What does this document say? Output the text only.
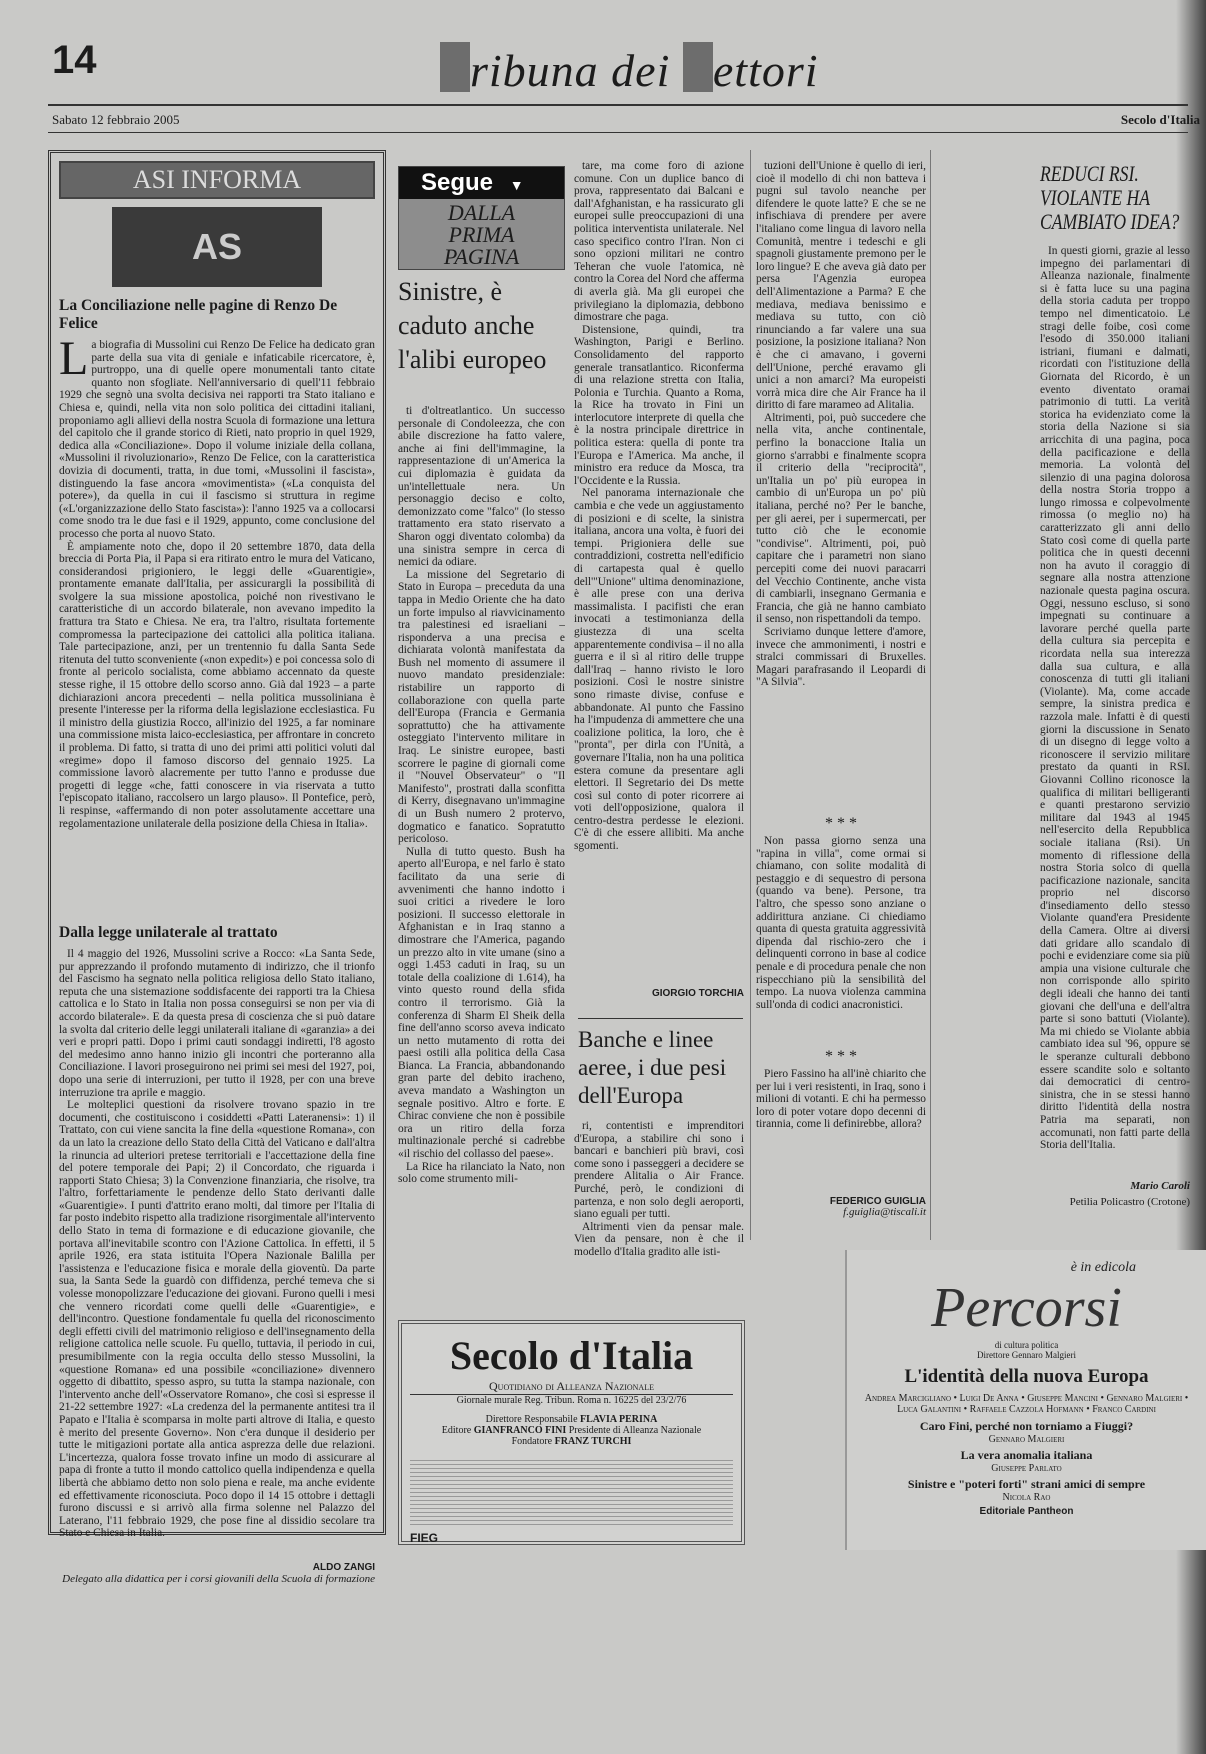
14	ribuna dei ettori
Sabato 12 febbraio 2005	Secolo d'Italia
ASI INFORMA
AS
La Conciliazione nelle pagine di Renzo De Felice

La biografia di Mussolini cui Renzo De Felice ha dedicato gran parte della sua vita di geniale e infaticabile ricercatore, è, purtroppo, una di quelle opere monumentali tanto citate quanto non sfogliate. Nell'anniversario di quell'11 febbraio 1929 che segnò una svolta decisiva nei rapporti tra Stato italiano e Chiesa e, quindi, nella vita non solo politica dei cittadini italiani, proponiamo agli allievi della nostra Scuola di formazione una lettura del capitolo che il grande storico di Rieti, nato proprio in quel 1929, dedica alla «Conciliazione». Dopo il volume iniziale della collana, «Mussolini il rivoluzionario», Renzo De Felice, con la caratteristica dovizia di documenti, tratta, in due tomi, «Mussolini il fascista», distinguendo la fase ancora «movimentista» («La conquista del potere»), da quella in cui il fascismo si struttura in regime («L'organizzazione dello Stato fascista»): l'anno 1925 va a collocarsi come snodo tra le due fasi e il 1929, appunto, come conclusione del processo che porta al nuovo Stato.

È ampiamente noto che, dopo il 20 settembre 1870, data della breccia di Porta Pia, il Papa si era ritirato entro le mura del Vaticano, considerandosi prigioniero, le leggi delle «Guarentigie», prontamente emanate dall'Italia, per assicurargli la possibilità di svolgere la sua missione apostolica, poiché non rivestivano le caratteristiche di un accordo bilaterale, non avevano impedito la frattura tra Stato e Chiesa. Ne era, tra l'altro, risultata fortemente compromessa la partecipazione dei cattolici alla politica italiana. Tale partecipazione, anzi, per un trentennio fu dalla Santa Sede ritenuta del tutto sconveniente («non expedit») e poi concessa solo di fronte al pericolo socialista, come abbiamo accennato da queste stesse righe, il 15 ottobre dello scorso anno. Già dal 1923 – a parte dichiarazioni ancora precedenti – nella politica mussoliniana è presente l'interesse per la riforma della legislazione ecclesiastica. Fu il ministro della giustizia Rocco, all'inizio del 1925, a far nominare una commissione mista laico-ecclesiastica, per affrontare in concreto il problema. Di fatto, si tratta di uno dei primi atti politici voluti dal «regime» dopo il famoso discorso del gennaio 1925. La commissione lavorò alacremente per tutto l'anno e produsse due progetti di legge «che, fatti conoscere in via riservata a tutto l'episcopato italiano, raccolsero un largo plauso». Il Pontefice, però, li respinse, «affermando di non poter assolutamente accettare una regolamentazione unilaterale della posizione della Chiesa in Italia».

Dalla legge unilaterale al trattato

Il 4 maggio del 1926, Mussolini scrive a Rocco: «La Santa Sede, pur apprezzando il profondo mutamento di indirizzo, che il trionfo del Fascismo ha segnato nella politica religiosa dello Stato italiano, reputa che una sistemazione soddisfacente dei rapporti tra la Chiesa cattolica e lo Stato in Italia non possa conseguirsi se non per via di accordo bilaterale». E da questa presa di coscienza che si può datare la svolta dal criterio delle leggi unilaterali italiane di «garanzia» a dei veri e propri patti. Dopo i primi cauti sondaggi indiretti, l'8 agosto del medesimo anno hanno inizio gli incontri che porteranno alla Conciliazione. I lavori proseguirono nei primi sei mesi del 1927, poi, dopo una serie di interruzioni, per tutto il 1928, per con una breve interruzione tra aprile e maggio.

Le molteplici questioni da risolvere trovano spazio in tre documenti, che costituiscono i cosiddetti «Patti Lateranensi»: 1) il Trattato, con cui viene sancita la fine della «questione Romana», con da un lato la creazione dello Stato della Città del Vaticano e dall'altra la rinuncia ad ulteriori pretese territoriali e l'accettazione della fine del potere temporale dei Papi; 2) il Concordato, che riguarda i rapporti Stato Chiesa; 3) la Convenzione finanziaria, che risolve, tra l'altro, forfettariamente le pendenze dello Stato derivanti dalle «Guarentigie». I punti d'attrito erano molti, dal timore per l'Italia di far posto indebito rispetto alla tradizione risorgimentale all'intervento dello Stato in tema di formazione e di educazione giovanile, che portava all'inevitabile scontro con l'Azione Cattolica. In effetti, il 5 aprile 1926, era stata istituita l'Opera Nazionale Balilla per l'assistenza e l'educazione fisica e morale della gioventù. Da parte sua, la Santa Sede la guardò con diffidenza, perché temeva che si volesse monopolizzare l'educazione dei giovani. Furono quelli i mesi che vennero ricordati come quelli delle «Guarentigie», e dell'incontro. Questione fondamentale fu quella del riconoscimento degli effetti civili del matrimonio religioso e dell'insegnamento della religione cattolica nelle scuole. Fu quello, tuttavia, il periodo in cui, presumibilmente con la regia occulta dello stesso Mussolini, la «questione Romana» ed una possibile «conciliazione» divennero oggetto di dibattito, spesso aspro, su tutta la stampa nazionale, con l'intervento anche dell'«Osservatore Romano», che così si espresse il 21-22 settembre 1927: «La credenza del la permanente antitesi tra il Papato e l'Italia è scomparsa in molte parti altrove di Italia, e questo è merito del presente Governo». Non c'era dunque il desiderio per tutte le mitigazioni portate alla antica asprezza delle due relazioni. L'incertezza, qualora fosse trovato infine un modo di assicurare al papa di fronte a tutto il mondo cattolico quella indipendenza e quella libertà che abbiamo detto non solo piena e reale, ma anche evidente ed effettivamente riconosciuta. Poco dopo il 14 15 ottobre i dettagli furono discussi e si arrivò alla firma solenne nel Palazzo del Laterano, l'11 febbraio 1929, che pose fine al dissidio secolare tra Stato e Chiesa in Italia.

ALDO ZANGI
Delegato alla didattica per i corsi giovanili della Scuola di formazione
Segue ▼
DALLA
PRIMA
PAGINA
Sinistre, è caduto anche l'alibi europeo

ti d'oltreatlantico. Un successo personale di Condoleezza, che con abile discrezione ha fatto valere, anche ai fini dell'immagine, la rappresentazione di un'America la cui diplomazia è guidata da un'intellettuale nera. Un personaggio deciso e colto, demonizzato come "falco" (lo stesso trattamento era stato riservato a Sharon oggi diventato colomba) da una sinistra sempre in cerca di nemici da odiare.

La missione del Segretario di Stato in Europa – preceduta da una tappa in Medio Oriente che ha dato un forte impulso al riavvicinamento tra palestinesi ed israeliani – risponderva a una precisa e dichiarata volontà manifestata da Bush nel momento di assumere il nuovo mandato presidenziale: ristabilire un rapporto di collaborazione con quella parte dell'Europa (Francia e Germania soprattutto) che ha attivamente osteggiato l'intervento militare in Iraq. Le sinistre europee, basti scorrere le pagine di giornali come il "Nouvel Observateur" o "Il Manifesto", prostrati dalla sconfitta di Kerry, disegnavano un'immagine di un Bush numero 2 protervo, dogmatico e fanatico. Sopratutto pericoloso.

Nulla di tutto questo. Bush ha aperto all'Europa, e nel farlo è stato facilitato da una serie di avvenimenti che hanno indotto i suoi critici a rivedere le loro posizioni. Il successo elettorale in Afghanistan e in Iraq stanno a dimostrare che l'America, pagando un prezzo alto in vite umane (sino a oggi 1.453 caduti in Iraq, su un totale della coalizione di 1.614), ha vinto questo round della sfida contro il terrorismo. Già la conferenza di Sharm El Sheik della fine dell'anno scorso aveva indicato un netto mutamento di rotta dei paesi ostili alla politica della Casa Bianca. La Francia, abbandonando gran parte del debito iracheno, aveva mandato a Washington un segnale positivo. Altro e forte. E Chirac conviene che non è possibile ora un ritiro della forza multinazionale perché si cadrebbe «il rischio del collasso del paese».

La Rice ha rilanciato la Nato, non solo come strumento mili-

tare, ma come foro di azione comune. Con un duplice banco di prova, rappresentato dai Balcani e dall'Afghanistan, e ha rassicurato gli europei sulle preoccupazioni di una politica interventista unilaterale. Nel caso specifico contro l'Iran. Non ci sono opzioni militari ne contro Teheran che vuole l'atomica, nè contro la Corea del Nord che afferma di averla già. Ma gli europei che privilegiano la diplomazia, debbono dimostrare che paga.

Distensione, quindi, tra Washington, Parigi e Berlino. Consolidamento del rapporto generale transatlantico. Riconferma di una relazione stretta con Italia, Polonia e Turchia. Quanto a Roma, la Rice ha trovato in Fini un interlocutore interprete di quella che è la nostra principale direttrice in politica estera: quella di ponte tra l'Europa e l'America. Ma anche, il ministro era reduce da Mosca, tra l'Occidente e la Russia.

Nel panorama internazionale che cambia e che vede un aggiustamento di posizioni e di scelte, la sinistra italiana, ancora una volta, è fuori dei tempi. Prigioniera delle sue contraddizioni, costretta nell'edificio di cartapesta qual è quello dell'"Unione" ultima denominazione, è alle prese con una deriva massimalista. I pacifisti che eran invocati a testimonianza della giustezza di una scelta apparentemente condivisa – il no alla guerra e il sì al ritiro delle truppe dall'Iraq – hanno rivisto le loro posizioni. Così le nostre sinistre sono rimaste divise, confuse e abbandonate. Al punto che Fassino ha l'impudenza di ammettere che una coalizione politica, la loro, che è "pronta", per dirla con l'Unità, a governare l'Italia, non ha una politica estera comune da presentare agli elettori. Il Segretario dei Ds mette così sul conto di poter ricorrere ai voti dell'opposizione, qualora il centro-destra perdesse le elezioni. C'è di che essere allibiti. Ma anche sgomenti.

GIORGIO TORCHIA
Banche e linee aeree, i due pesi dell'Europa

ri, contentisti e imprenditori d'Europa, a stabilire chi sono i bancari e banchieri più bravi, così come sono i passeggeri a decidere se prendere Alitalia o Air France. Purché, però, le condizioni di partenza, e non solo degli aeroporti, siano eguali per tutti.

Altrimenti vien da pensar male. Vien da pensare, non è che il modello d'Italia gradito alle isti-

tuzioni dell'Unione è quello di ieri, cioè il modello di chi non batteva i pugni sul tavolo neanche per difendere le quote latte? E che se ne infischiava di prendere per avere l'italiano come lingua di lavoro nella Comunità, mentre i tedeschi e gli spagnoli giustamente premono per le loro lingue? E che aveva già dato per persa l'Agenzia europea dell'Alimentazione a Parma? E che mediava, mediava benissimo e mediava su tutto, con ciò rinunciando a far valere una sua posizione, la posizione italiana? Non è che ci amavano, i governi dell'Unione, perché eravamo gli unici a non amarci? Ma europeisti vorrà mica dire che Air France ha il diritto di fare marameo ad Alitalia.

Altrimenti, poi, può succedere che nella vita, anche continentale, perfino la bonaccione Italia un giorno s'arrabbi e finalmente scopra il criterio della "reciprocità", un'Italia un po' più europea in cambio di un'Europa un po' più italiana, perché no? Per le banche, per gli aerei, per i supermercati, per tutto ciò che le economie "condivise". Altrimenti, poi, può capitare che i parametri non siano percepiti come dei nuovi paracarri del Vecchio Continente, anche vista di cambiarli, insegnano Germania e Francia, che già ne hanno cambiato il senso, non rispettandoli da tempo.

Scriviamo dunque lettere d'amore, invece che ammonimenti, i nostri e stralci commissari di Bruxelles. Magari parafrasando il Leopardi di "A Silvia".

* * *

Non passa giorno senza una "rapina in villa", come ormai si chiamano, con solite modalità di pestaggio e di sequestro di persona (quando va bene). Persone, tra l'altro, che spesso sono anziane o addirittura anziane. Ci chiediamo quanta di questa gratuita aggressività dipenda dal rischio-zero che i delinquenti corrono in base al codice penale e di procedura penale che non rispecchiano più la sensibilità del tempo. La nuova violenza camminа sull'onda di codici anacronistici.

* * *

Piero Fassino ha all'inè chiarito che per lui i veri resistenti, in Iraq, sono i milioni di votanti. E chi ha permesso loro di poter votare dopo decenni di tirannia, come li definirebbe, allora?

FEDERICO GUIGLIA
f.guiglia@tiscali.it
REDUCI RSI. VIOLANTE HA CAMBIATO IDEA?

In questi giorni, grazie al lesso impegno dei parlamentari di Alleanza nazionale, finalmente si è fatta luce su una pagina della storia caduta per troppo tempo nel dimenticatoio. Le stragi delle foibe, così come l'esodo di 350.000 italiani istriani, fiumani e dalmati, ricordati con l'istituzione della Giornata del Ricordo, è un evento diventato oramai patrimonio di tutti. La verità storica ha evidenziato come la storia della Nazione si sia arricchita di una pagina, poca della pacificazione e della memoria. La volontà del silenzio di una pagina dolorosa della nostra Storia troppo a lungo rimossa e colpevolmente rimossa (o meglio no) ha caratterizzato gli anni dello Stato così come di quella parte politica che in questi decenni non ha avuto il coraggio di segnare alla nostra attenzione nazionale questa pagina oscura. Oggi, nessuno escluso, si sono impegnati su continuare a lavorare perché quella parte della cultura sia percepita e ricordata nella sua interezza dalla sua cultura, e alla conoscenza di tutti gli italiani (Violante). Ma, come accade sempre, la sinistra predica e razzola male. Infatti è di questi giorni la discussione in Senato di un disegno di legge volto a riconoscere il servizio militare prestato da quanti in RSI. Giovanni Collino riconosce la qualifica di militari belligeranti e quanti prestarono servizio militare dal 1943 al 1945 nell'esercito della Repubblica sociale italiana (Rsi). Un momento di riflessione della nostra Storia solco di quella pacificazione nazionale, sancita proprio nel discorso d'insediamento dello stesso Violante quand'era Presidente della Camera. Oltre ai diversi dati gridare allo scandalo di pochi e evidenziare come sia più ampia una visione culturale che non corrisponde allo spirito degli ideali che hanno dei tanti giovani che dell'una e dell'altra parte si sono battuti (Violante). Ma mi chiedo se Violante abbia cambiato idea sul '96, oppure se le speranze culturali debbono essere scandite solo e soltanto dai democratici di centro-sinistra, che in se stessi hanno diritto l'identità della nostra Patria ma separati, non accomunati, non fatti parte della Storia dell'Italia.

Mario Caroli
Petilia Policastro (Crotone)
Secolo d'Italia
Quotidiano di Alleanza Nazionale
Giornale murale Reg. Tribun. Roma n. 16225 del 23/2/76
Direttore Responsabile FLAVIA PERINA
Editore GIANFRANCO FINI Presidente di Alleanza Nazionale
Fondatore FRANZ TURCHI
FIEG
è in edicola
Percorsi
di cultura politica
Direttore Gennaro Malgieri
L'identità della nuova Europa
Andrea Marcigliano • Luigi De Anna • Giuseppe Mancini • Gennaro Malgieri • Luca Galantini • Raffaele Cazzola Hofmann • Franco Cardini
Caro Fini, perché non torniamo a Fiuggi?
Gennaro Malgieri
La vera anomalia italiana
Giuseppe Parlato
Sinistre e "poteri forti" strani amici di sempre
Nicola Rao
Editoriale Pantheon
